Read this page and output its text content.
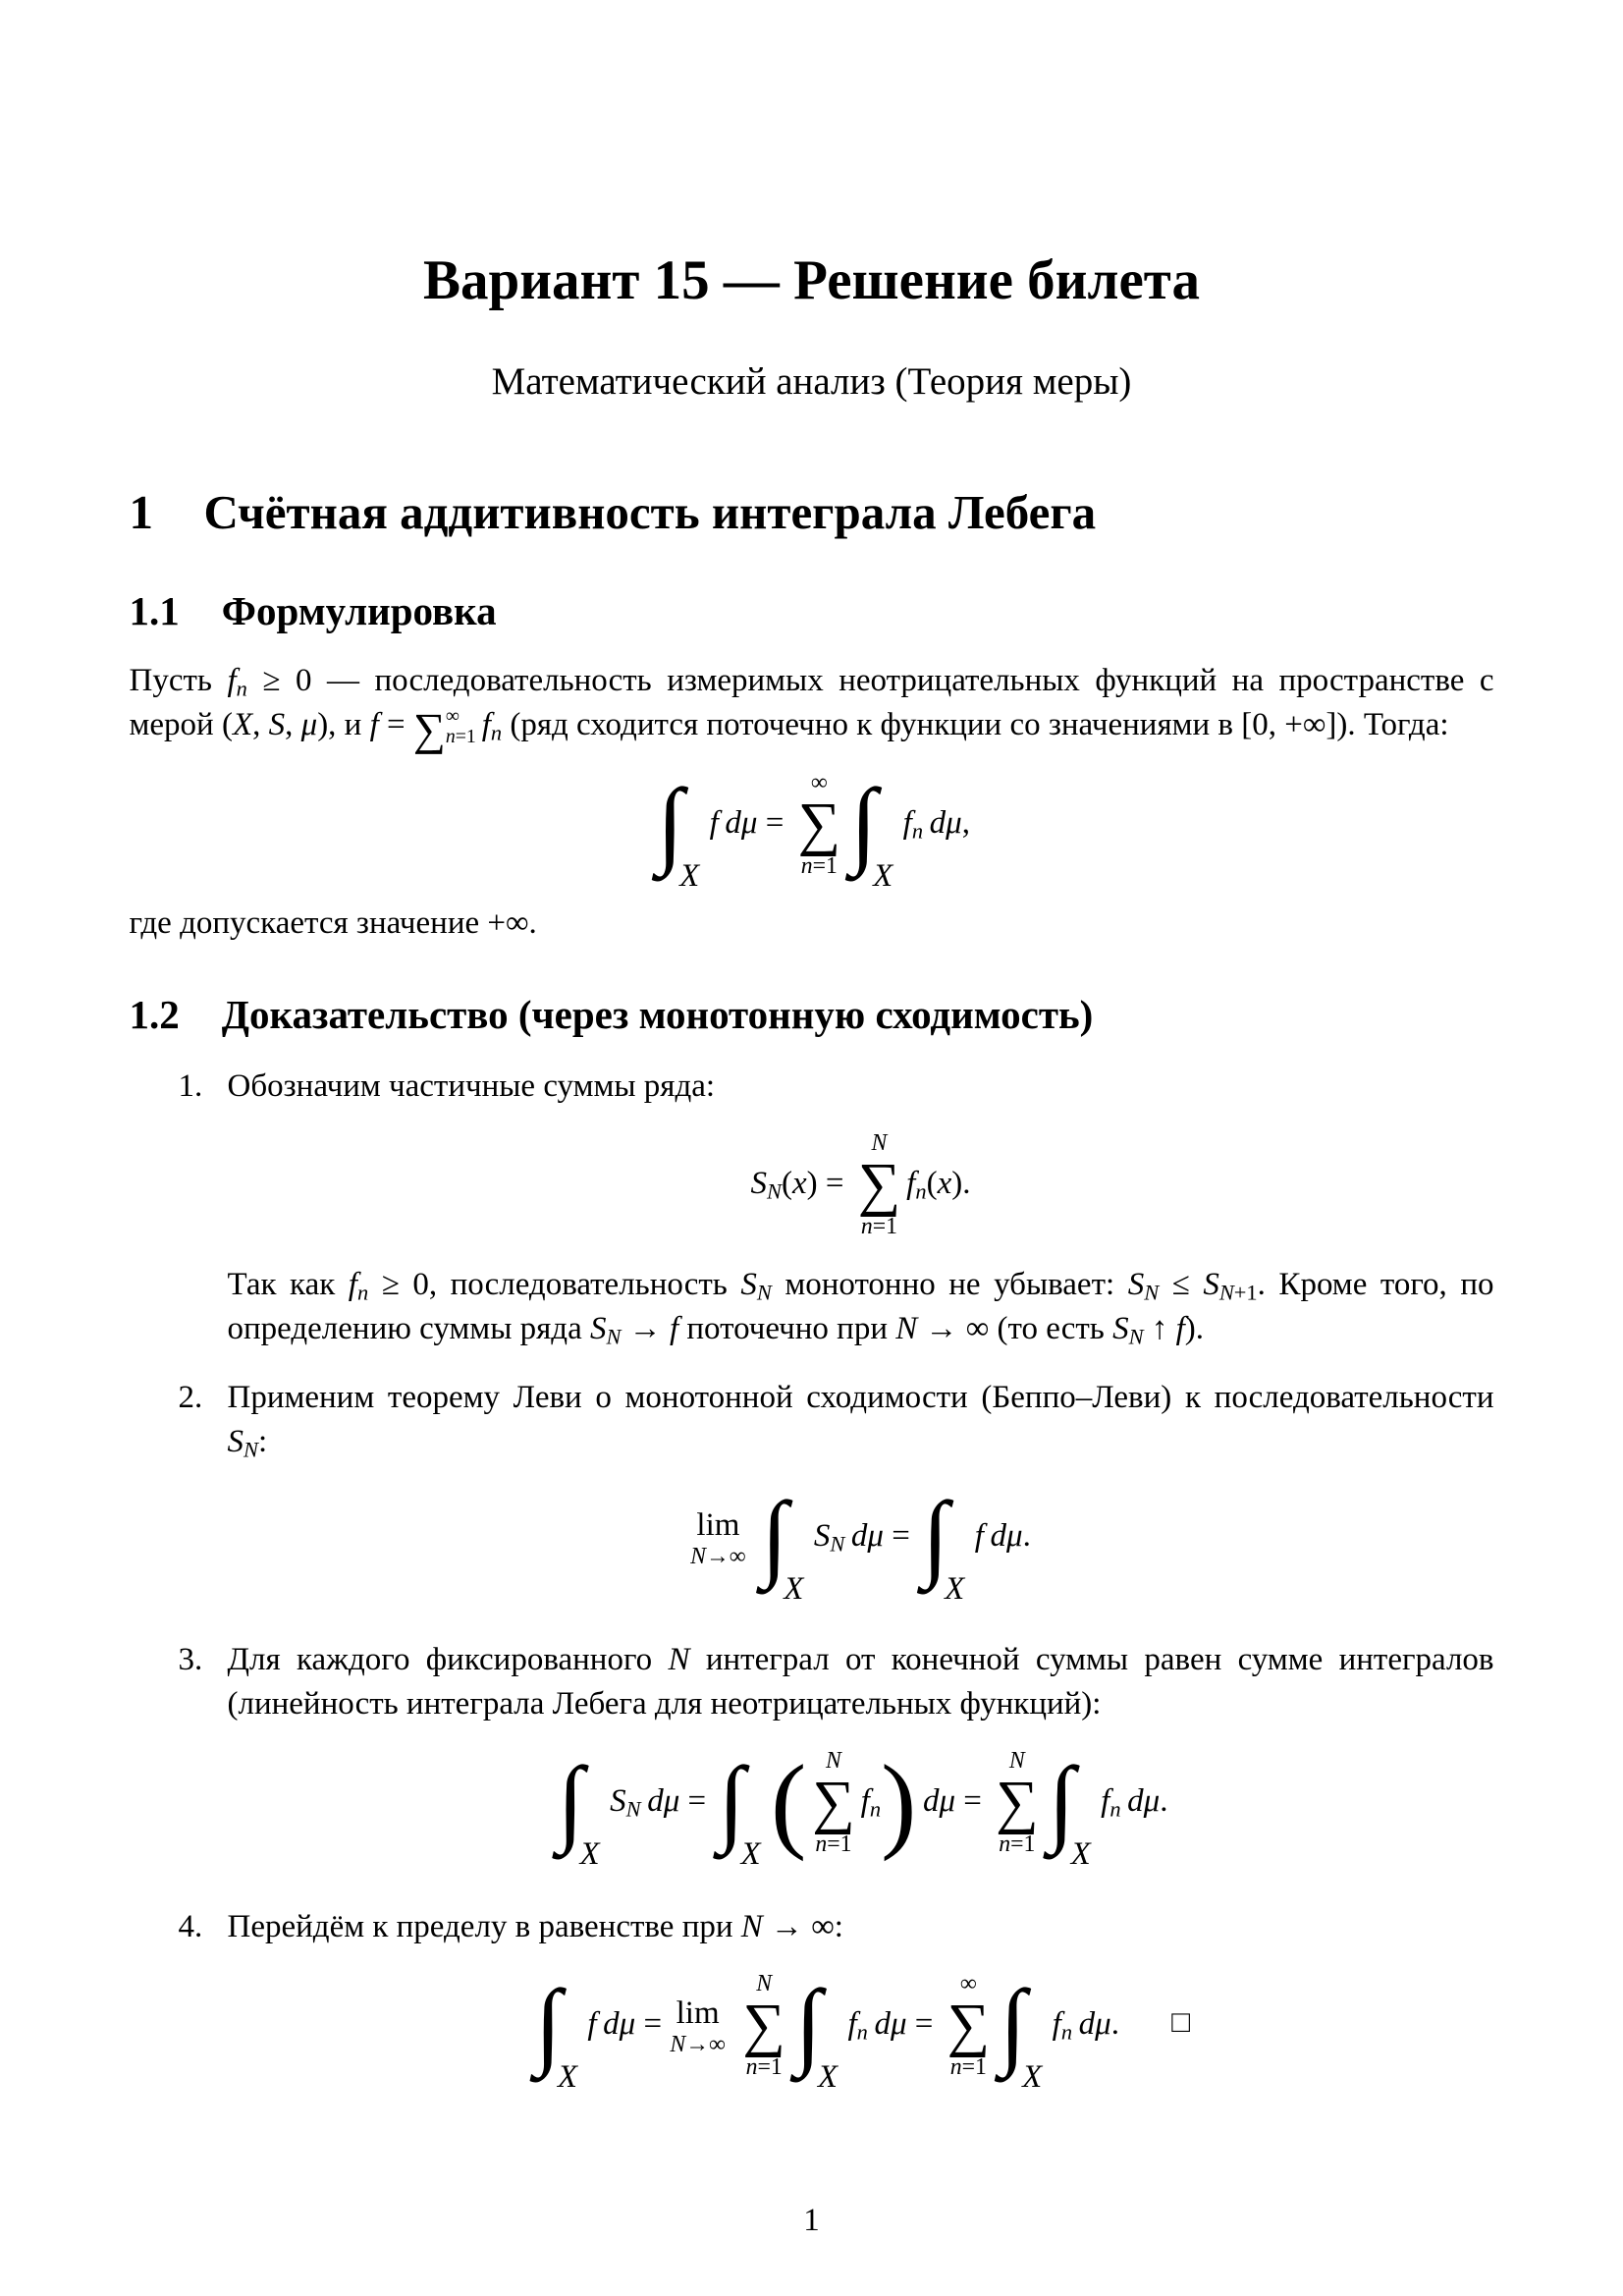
Вариант 15 — Решение билета
Математический анализ (Теория меры)
1 Счётная аддитивность интеграла Лебега
1.1 Формулировка

Пусть $f_n \ge 0$ — последовательность измеримых неотрицательных функций на пространстве с мерой (X, S, μ), и f = ∑ ∞
n=1 $f_n$ (ряд сходится поточечно к функции со значениями в [0, +∞]). Тогда:

$\int_Xf$  dμ =
∞
∑
n=1 $\int_Xf_n$  dμ,

где допускается значение +∞.

1.2 Доказательство (через монотонную сходимость)
1. Обозначим частичные суммы ряда:
$S_N(x)$ =
N
∑
n=1
$f_n(x)$.
Так как $f_n \ge 0$, последовательность $S_N$ монотонно не убывает: $S_N \le S_{N+1}$. Кроме того, по определению суммы ряда $S_N \to f$ поточечно при N → ∞ (то есть $S_N$ ↑ f).
2. Применим теорему Леви о монотонной сходимости (Беппо–Леви) к последовательности $S_N$:
lim
N→∞ $\int_XS_N$  $d\mu = \int_Xf$  dμ.
3. Для каждого фиксированного N интеграл от конечной суммы равен сумме интегралов (линейность интеграла Лебега для неотрицательных функций):
$\int_XS_N$  $d\mu = \int_X$( N
∑
n=1
$f_n$)  dμ =
N
∑
n=1 $\int_Xf_n$  dμ.
4. Перейдём к пределу в равенстве при N → ∞:
$\int_Xf$  dμ = lim
N→∞
N
∑
n=1 $\int_Xf_n$  dμ =
∞
∑
n=1 $\int_Xf_n$  dμ. □
1
